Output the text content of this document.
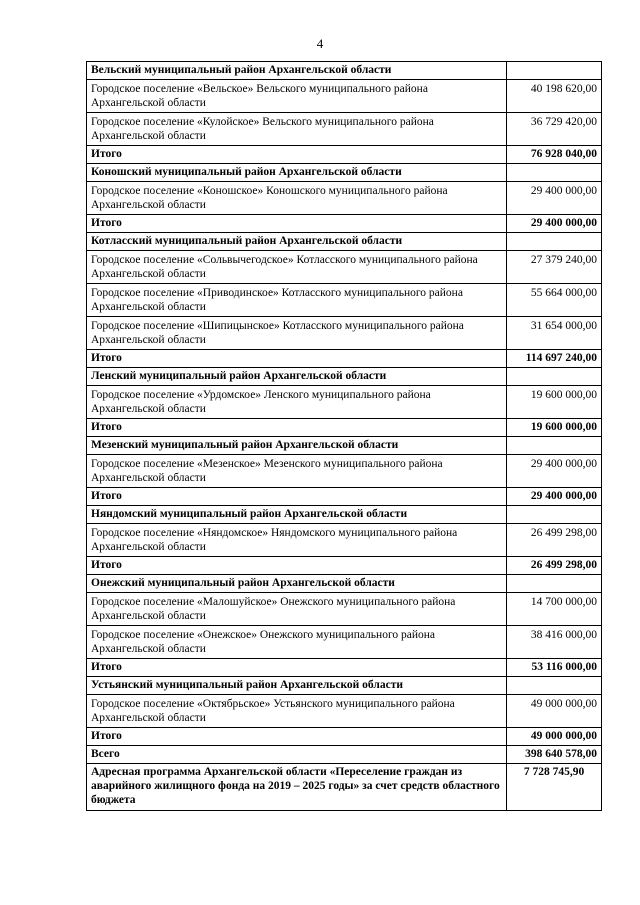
4
Вельский муниципальный район Архангельской области	
Городское поселение «Вельское» Вельского муниципального района Архангельской области	40 198 620,00
Городское поселение «Кулойское» Вельского муниципального района Архангельской области	36 729 420,00
Итого	76 928 040,00
Коношский муниципальный район Архангельской области	
Городское поселение «Коношское» Коношского муниципального района Архангельской области	29 400 000,00
Итого	29 400 000,00
Котласский муниципальный район Архангельской области	
Городское поселение «Сольвычегодское» Котласского муниципального района Архангельской области	27 379 240,00
Городское поселение «Приводинское» Котласского муниципального района Архангельской области	55 664 000,00
Городское поселение «Шипицынское» Котласского муниципального района Архангельской области	31 654 000,00
Итого	114 697 240,00
Ленский муниципальный район Архангельской области	
Городское поселение «Урдомское» Ленского муниципального района Архангельской области	19 600 000,00
Итого	19 600 000,00
Мезенский муниципальный район Архангельской области	
Городское поселение «Мезенское» Мезенского муниципального района Архангельской области	29 400 000,00
Итого	29 400 000,00
Няндомский муниципальный район Архангельской области	
Городское поселение «Няндомское» Няндомского муниципального района Архангельской области	26 499 298,00
Итого	26 499 298,00
Онежский муниципальный район Архангельской области	
Городское поселение «Малошуйское» Онежского муниципального района Архангельской области	14 700 000,00
Городское поселение «Онежское» Онежского муниципального района Архангельской области	38 416 000,00
Итого	53 116 000,00
Устьянский муниципальный район Архангельской области	
Городское поселение «Октябрьское» Устьянского муниципального района Архангельской области	49 000 000,00
Итого	49 000 000,00
Всего	398 640 578,00
Адресная программа Архангельской области «Переселение граждан из аварийного жилищного фонда на 2019 – 2025 годы» за счет средств областного бюджета	7 728 745,90
